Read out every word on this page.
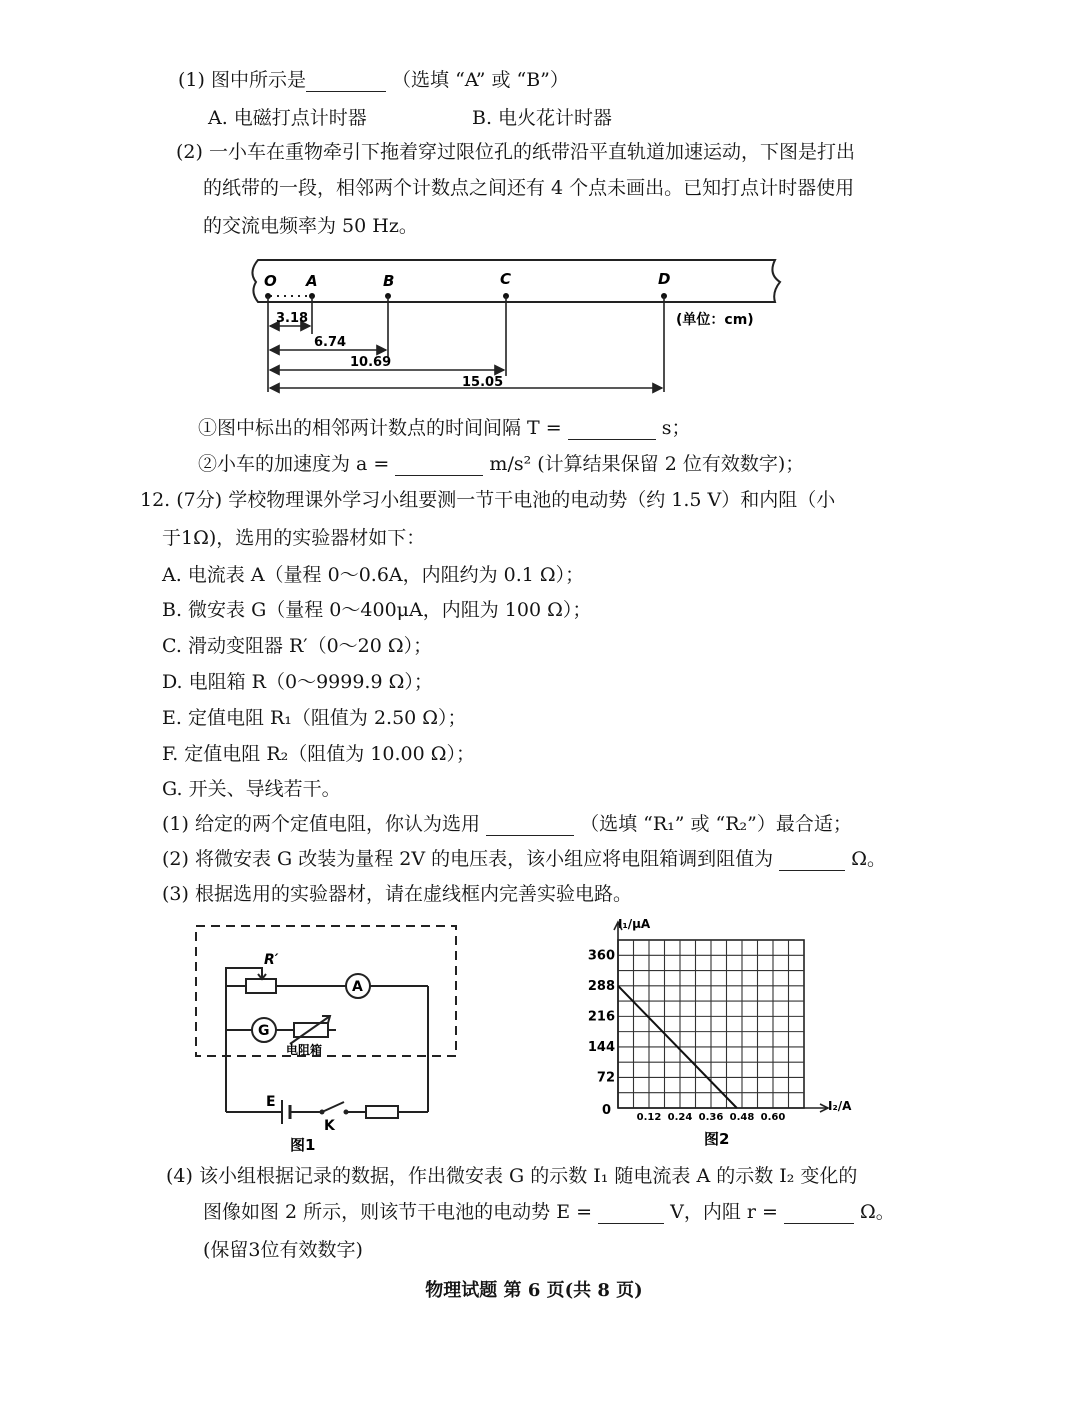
(1) 图中所示是	（选填 “A” 或 “B”）
A. 电磁打点计时器	B. 电火花计时器
(2) 一小车在重物牵引下拖着穿过限位孔的纸带沿平直轨道加速运动，下图是打出
的纸带的一段，相邻两个计数点之间还有 4 个点未画出。已知打点计时器使用
的交流电频率为 50 Hz。
O A	B	C	D
3.18
6.74
10.69
15.05
(单位：cm)
①图中标出的相邻两计数点的时间间隔 T =	s；
②小车的加速度为 a =	m/s² (计算结果保留 2 位有效数字)；
12. (7分) 学校物理课外学习小组要测一节干电池的电动势（约 1.5 V）和内阻（小
于1Ω)，选用的实验器材如下：
A. 电流表 A（量程 0～0.6A，内阻约为 0.1 Ω）；
B. 微安表 G（量程 0～400μA，内阻为 100 Ω）；
C. 滑动变阻器 R′（0～20 Ω）；
D. 电阻箱 R（0～9999.9 Ω）；
E. 定值电阻 R₁（阻值为 2.50 Ω）；
F. 定值电阻 R₂（阻值为 10.00 Ω）；
G. 开关、导线若干。
(1) 给定的两个定值电阻，你认为选用	（选填 “R₁” 或 “R₂”）最合适；
(2) 将微安表 G 改装为量程 2V 的电压表，该小组应将电阻箱调到阻值为	Ω。
(3) 根据选用的实验器材，请在虚线框内完善实验电路。
R′
A
G
电阻箱
E
K
图1
72
144
216
288
360
0.12 0.24 0.36 0.48 0.60
I₁/μA
I₂/A
0
图2
(4) 该小组根据记录的数据，作出微安表 G 的示数 I₁ 随电流表 A 的示数 I₂ 变化的
图像如图 2 所示，则该节干电池的电动势 E =	V，内阻 r =	Ω。
(保留3位有效数字)
物理试题 第 6 页(共 8 页)
